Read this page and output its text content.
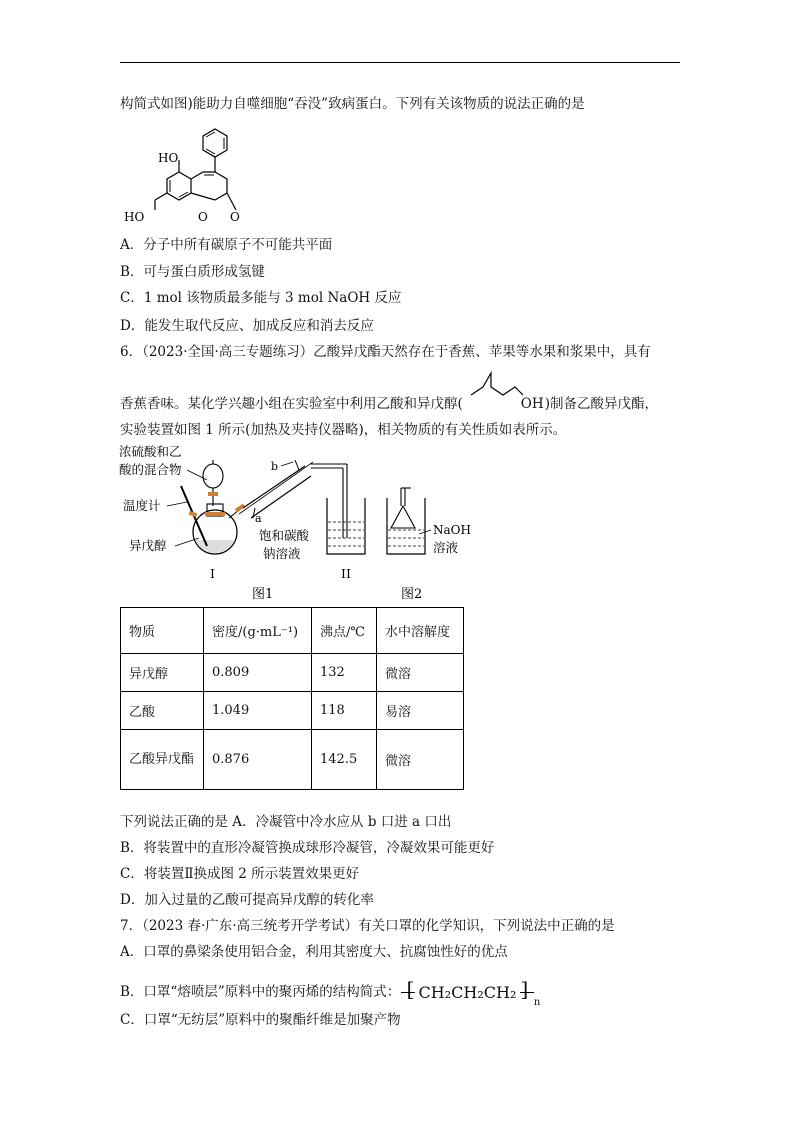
构简式如图)能助力自噬细胞“吞没”致病蛋白。下列有关该物质的说法正确的是
HO
HO	O O
A．分子中所有碳原子不可能共平面
B．可与蛋白质形成氢键
C．1 mol 该物质最多能与 3 mol NaOH 反应
D．能发生取代反应、加成反应和消去反应
6．（2023·全国·高三专题练习）乙酸异戊酯天然存在于香蕉、苹果等水果和浆果中，具有
香蕉香味。某化学兴趣小组在实验室中利用乙酸和异戊醇(	OH )制备乙酸异戊酯，
实验装置如图 1 所示(加热及夹持仪器略)，相关物质的有关性质如表所示。
浓硫酸和乙
酸的混合物
温度计
异戊醇
a
b
饱和碳酸
钠溶液
I	II
NaOH
溶液
图1	图2
物质	密度/(g·mL⁻¹)	沸点/℃	水中溶解度
异戊醇	0.809	132	微溶
乙酸	1.049	118	易溶
乙酸异戊酯	0.876	142.5	微溶
下列说法正确的是 A．冷凝管中冷水应从 b 口进 a 口出
B．将装置中的直形冷凝管换成球形冷凝管，冷凝效果可能更好
C．将装置Ⅱ换成图 2 所示装置效果更好
D．加入过量的乙酸可提高异戊醇的转化率
7．（2023 春·广东·高三统考开学考试）有关口罩的化学知识，下列说法中正确的是
A．口罩的鼻梁条使用铝合金，利用其密度大、抗腐蚀性好的优点
B．口罩“熔喷层”原料中的聚丙烯的结构简式： [ CH₂CH₂CH₂ ]
n
C．口罩“无纺层”原料中的聚酯纤维是加聚产物
